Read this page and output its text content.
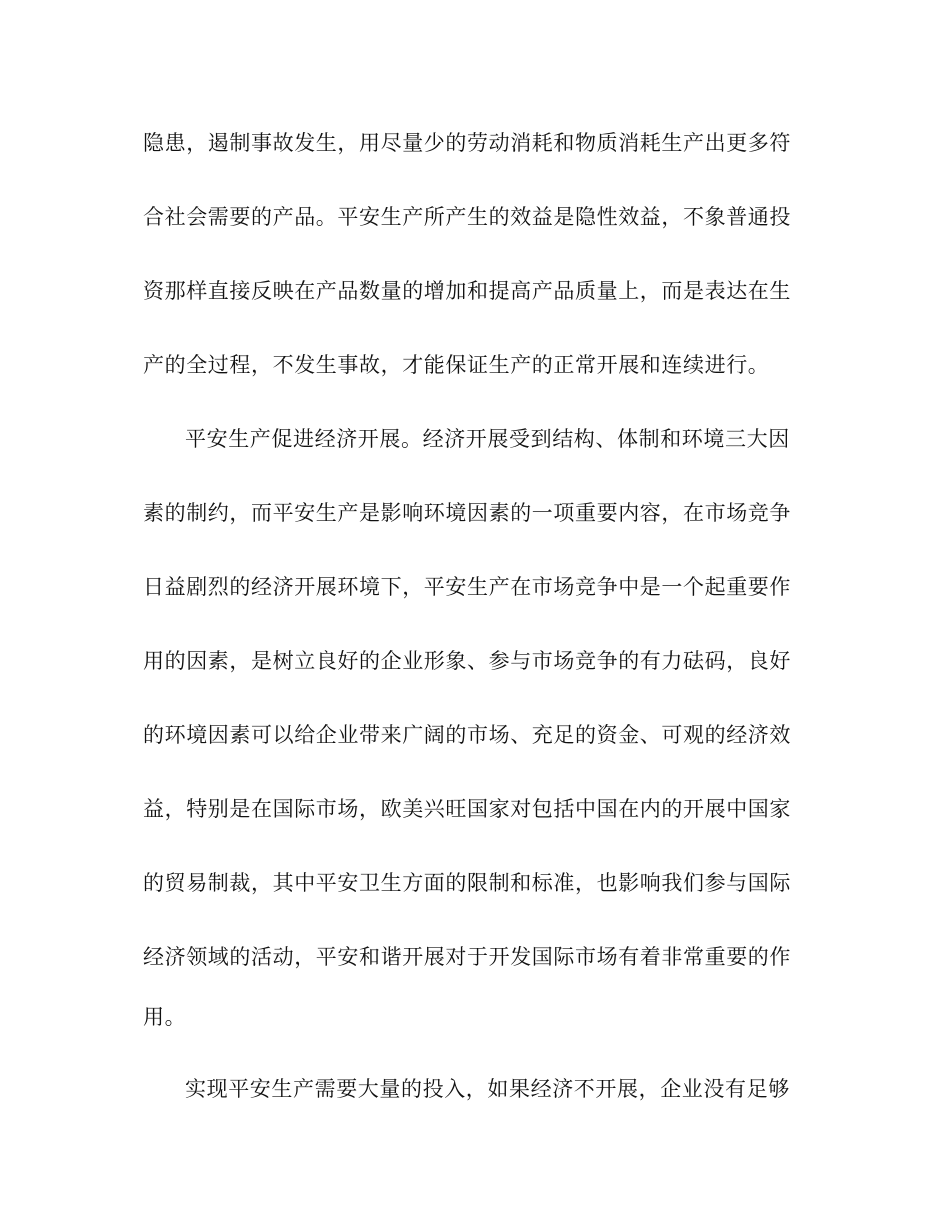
隐患，遏制事故发生，用尽量少的劳动消耗和物质消耗生产出更多符
合社会需要的产品。平安生产所产生的效益是隐性效益，不象普通投
资那样直接反映在产品数量的增加和提高产品质量上，而是表达在生
产的全过程，不发生事故，才能保证生产的正常开展和连续进行。
平安生产促进经济开展。经济开展受到结构、体制和环境三大因
素的制约，而平安生产是影响环境因素的一项重要内容，在市场竞争
日益剧烈的经济开展环境下，平安生产在市场竞争中是一个起重要作
用的因素，是树立良好的企业形象、参与市场竞争的有力砝码，良好
的环境因素可以给企业带来广阔的市场、充足的资金、可观的经济效
益，特别是在国际市场，欧美兴旺国家对包括中国在内的开展中国家
的贸易制裁，其中平安卫生方面的限制和标准，也影响我们参与国际
经济领域的活动，平安和谐开展对于开发国际市场有着非常重要的作
用。
实现平安生产需要大量的投入，如果经济不开展，企业没有足够
